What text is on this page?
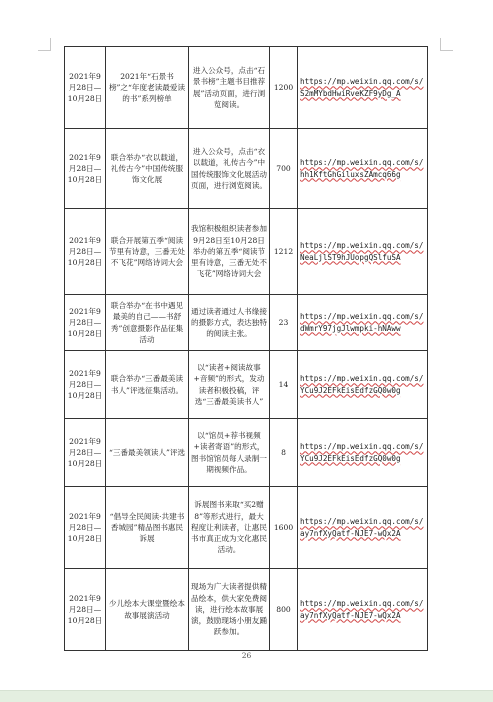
2021年9月28日—10月28日	2021年“石景书榜”之“年度老读最爱读的书”系列榜单	进入公众号，点击“石景书榜”主题书目推荐展”活动页面，进行浏览阅读。	1200	https://mp.weixin.qq.com/s/S2mMYbdHwiRveKZF9yDg_A
2021年9月28日—10月28日	联合举办“衣以载道，礼传古今”中国传统服饰文化展	进入公众号，点击“衣以载道，礼传古今”中国传统服饰文化展活动页面，进行浏览阅读。	700	https://mp.weixin.qq.com/s/hh1KftGhGiluxsZAmcq66g
2021年9月28日—10月28日	联合开展第五季“阅读节里有诗意，三番无处不飞花”网络诗词大会	我馆积极组织读者参加9月28日至10月28日举办的第五季“阅读节里有诗意，三番无处不飞花”网络诗词大会	1212	https://mp.weixin.qq.com/s/NeaLjlST9hJUopgQSlfuSA
2021年9月28日—10月28日	联合举办“在书中遇见最美的自己——书舒秀”创意摄影作品征集活动	通过读者通过人书缘接的摄影方式，表达独特的阅读主张。	23	https://mp.weixin.qq.com/s/dWmrY97jgJlwmpki-hNAww
2021年9月28日—10月28日	联合举办“三番最美读书人”评选征集活动。	以“读者+阅读故事+音频”的形式，发动读者积极投稿，评选“三番最美读书人”	14	https://mp.weixin.qq.com/s/YCu9J2EFkEisEdfzGQ0w0g
2021年9月28日—10月28日	“三番最美领读人”评选	以“馆员+荐书视频+读者寄语”的形式，图书馆馆员每人录制一期视频作品。	8	https://mp.weixin.qq.com/s/YCu9J2EFkEisEdfzGQ0w0g
2021年9月28日—10月28日	“倡导全民阅读·共建书香城园”精品图书惠民诉展	诉展图书来取“买2赠8”等形式进行，最大程度让利读者，让惠民书市真正成为文化惠民活动。	1600	https://mp.weixin.qq.com/s/ay7nfXyQatf-NJE7-wQx2A
2021年9月28日—10月28日	少儿绘本大课堂暨绘本故事展演活动	现场为广大读者提供精品绘本，供大家免费阅读，进行绘本故事展演，鼓励现场小朋友踊跃参加。	800	https://mp.weixin.qq.com/s/ay7nfXyQatf-NJE7-wQx2A
26
